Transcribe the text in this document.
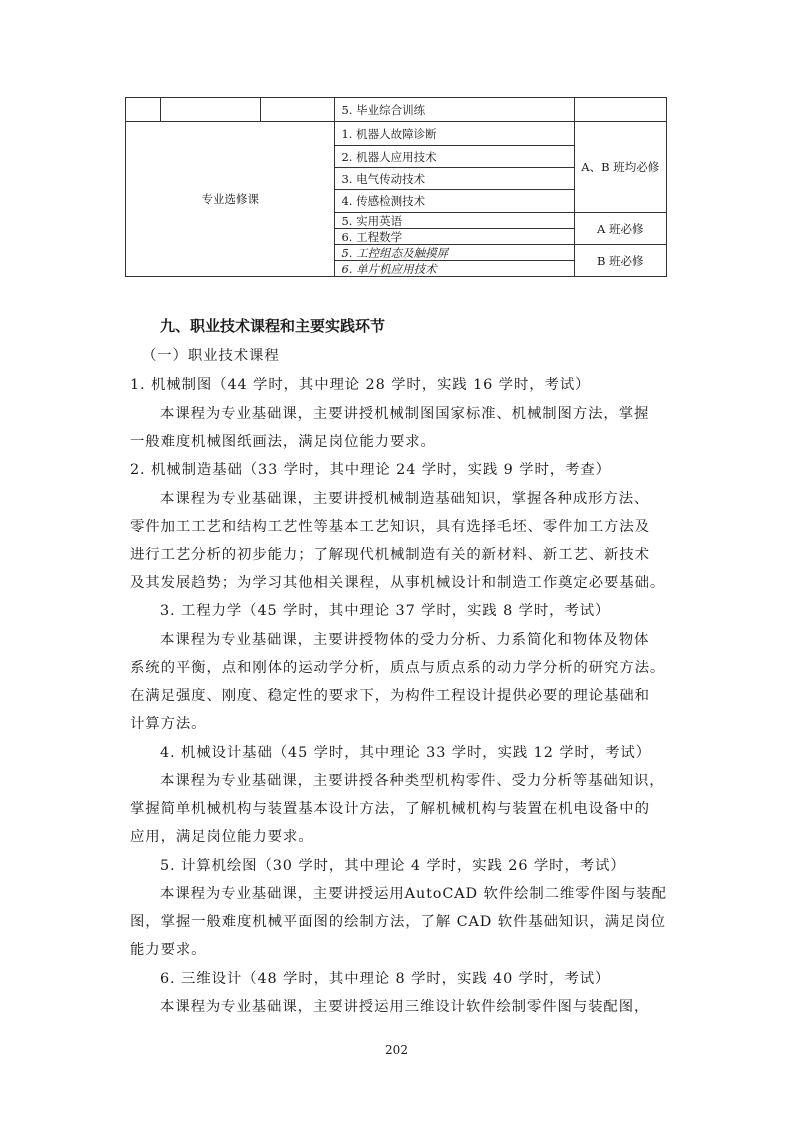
			5. 毕业综合训练	
专业选修课			1. 机器人故障诊断	A、B 班均必修
			2. 机器人应用技术	
			3. 电气传动技术	
			4. 传感检测技术	
			5. 实用英语	A 班必修
			6. 工程数学	
			5. 工控组态及触摸屏	B 班必修
			6. 单片机应用技术	
九、职业技术课程和主要实践环节
（一）职业技术课程
1. 机械制图（44 学时，其中理论 28 学时，实践 16 学时，考试）
本课程为专业基础课，主要讲授机械制图国家标准、机械制图方法，掌握
一般难度机械图纸画法，满足岗位能力要求。
2. 机械制造基础（33 学时，其中理论 24 学时，实践 9 学时，考查）
本课程为专业基础课，主要讲授机械制造基础知识，掌握各种成形方法、
零件加工工艺和结构工艺性等基本工艺知识，具有选择毛坯、零件加工方法及
进行工艺分析的初步能力；了解现代机械制造有关的新材料、新工艺、新技术
及其发展趋势；为学习其他相关课程，从事机械设计和制造工作奠定必要基础。
3. 工程力学（45 学时，其中理论 37 学时，实践 8 学时，考试）
本课程为专业基础课，主要讲授物体的受力分析、力系简化和物体及物体
系统的平衡，点和刚体的运动学分析，质点与质点系的动力学分析的研究方法。
在满足强度、刚度、稳定性的要求下，为构件工程设计提供必要的理论基础和
计算方法。
4. 机械设计基础（45 学时，其中理论 33 学时，实践 12 学时，考试）
本课程为专业基础课，主要讲授各种类型机构零件、受力分析等基础知识，
掌握简单机械机构与装置基本设计方法，了解机械机构与装置在机电设备中的
应用，满足岗位能力要求。
5. 计算机绘图（30 学时，其中理论 4 学时，实践 26 学时，考试）
本课程为专业基础课，主要讲授运用AutoCAD 软件绘制二维零件图与装配
图，掌握一般难度机械平面图的绘制方法，了解 CAD 软件基础知识，满足岗位
能力要求。
6. 三维设计（48 学时，其中理论 8 学时，实践 40 学时，考试）
本课程为专业基础课，主要讲授运用三维设计软件绘制零件图与装配图，
202
